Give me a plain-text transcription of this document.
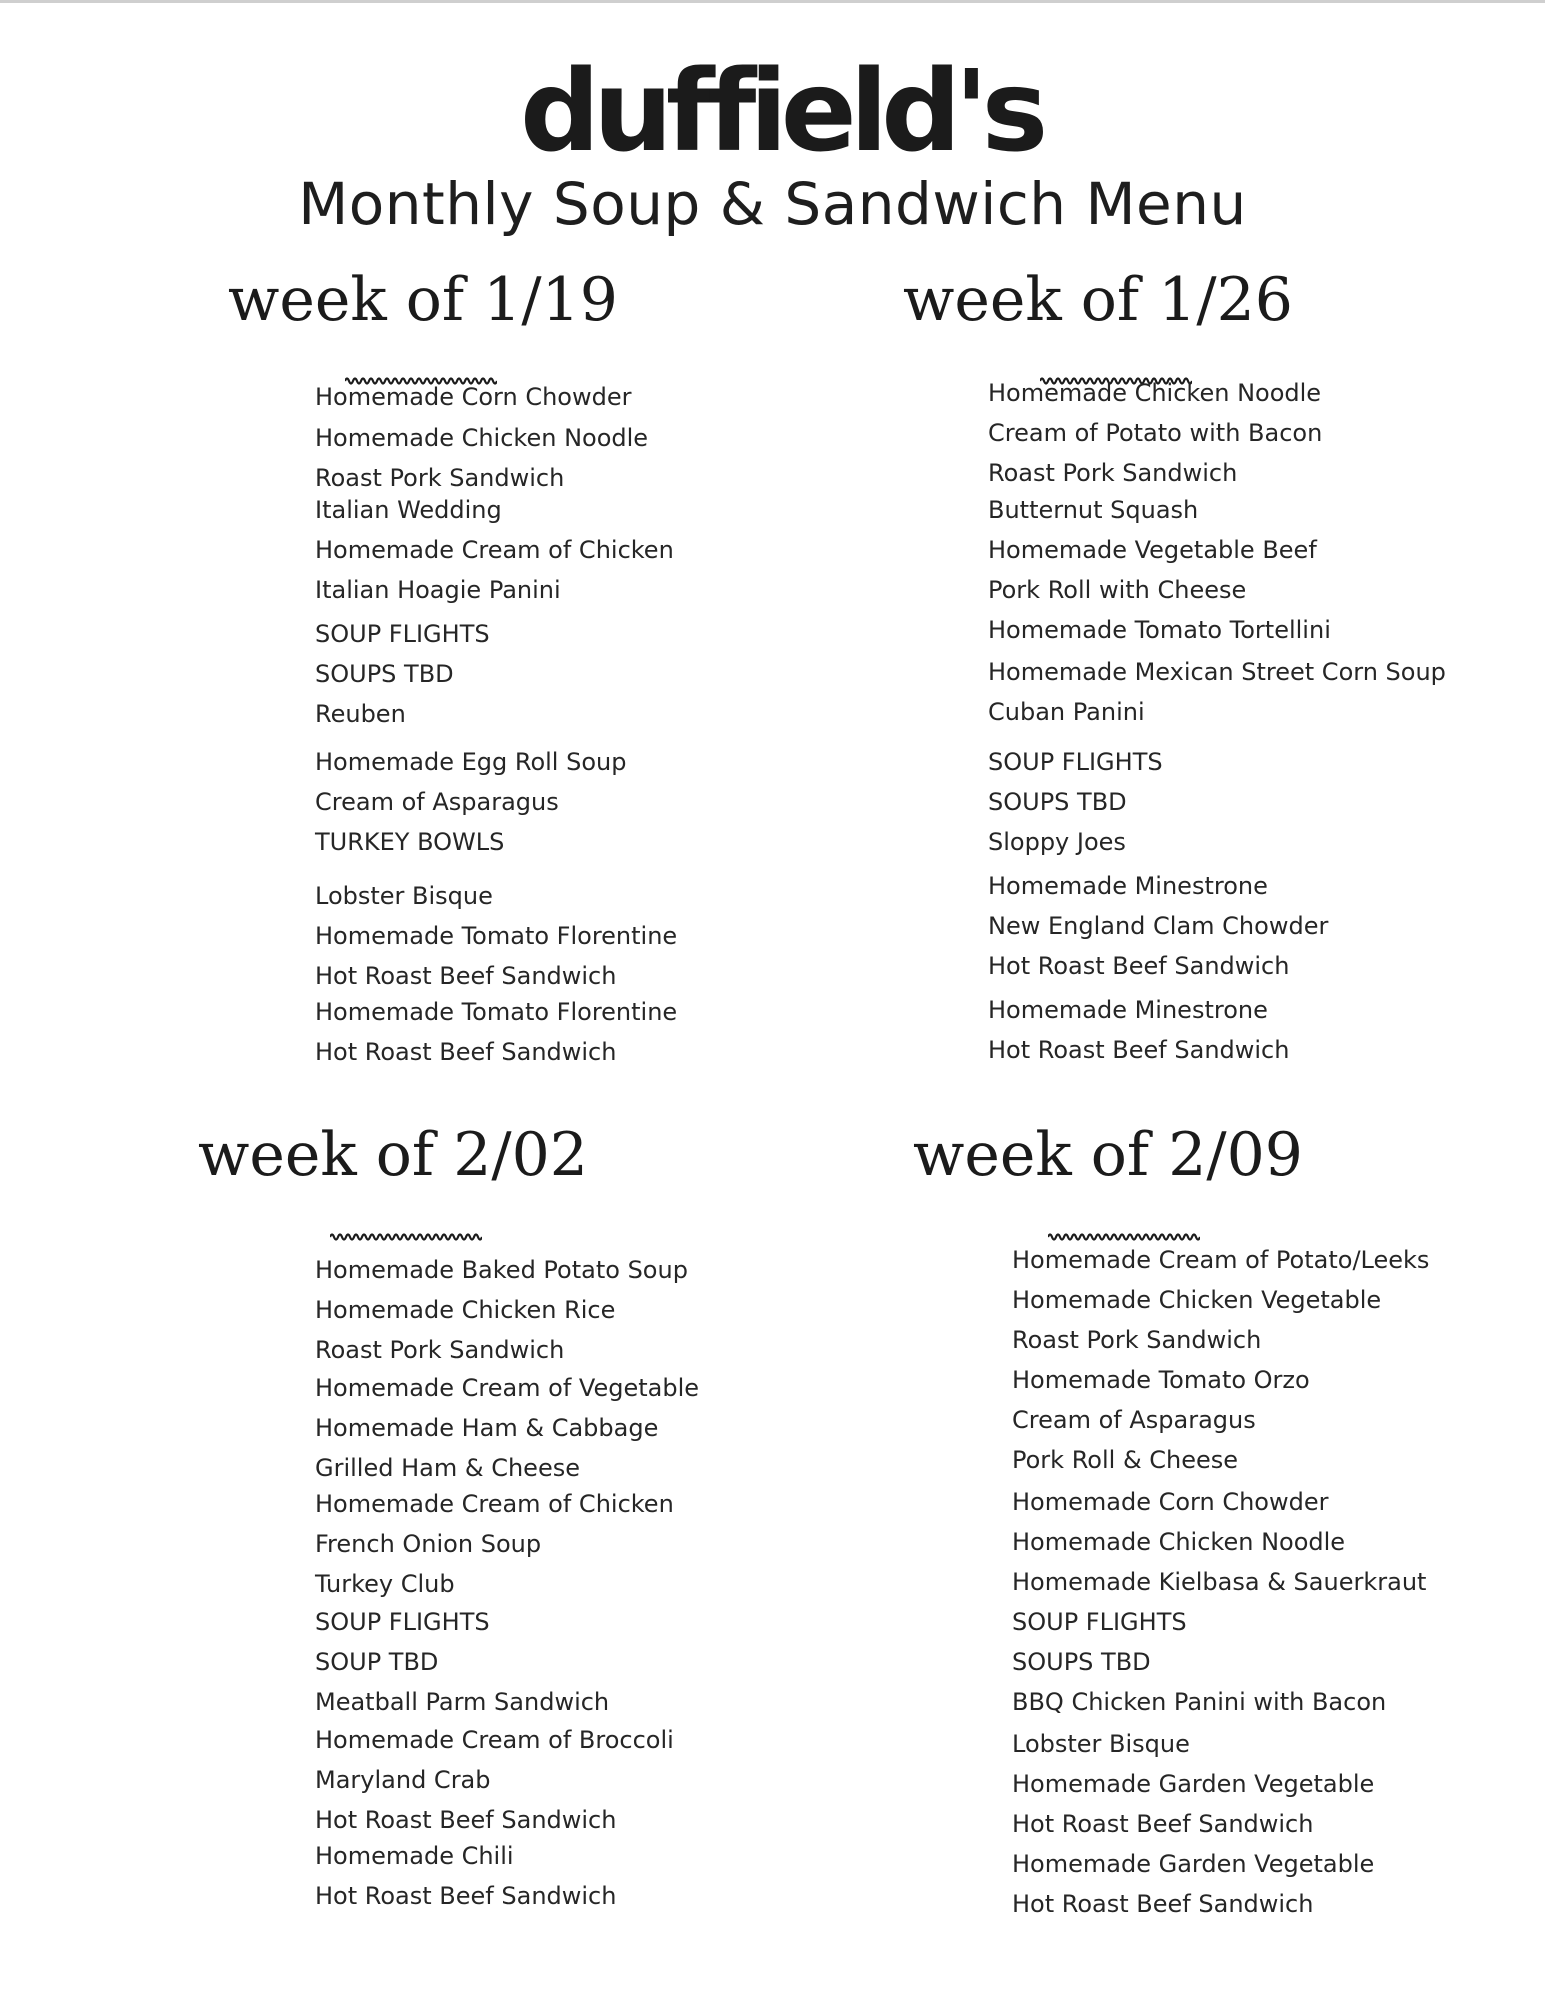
duffield's
Monthly Soup & Sandwich Menu
week of 1/19
Homemade Corn Chowder
Homemade Chicken Noodle
Roast Pork Sandwich
Italian Wedding
Homemade Cream of Chicken
Italian Hoagie Panini
SOUP FLIGHTS
SOUPS TBD
Reuben
Homemade Egg Roll Soup
Cream of Asparagus
TURKEY BOWLS
Lobster Bisque
Homemade Tomato Florentine
Hot Roast Beef Sandwich
Homemade Tomato Florentine
Hot Roast Beef Sandwich
week of 1/26
Homemade Chicken Noodle
Cream of Potato with Bacon
Roast Pork Sandwich
Butternut Squash
Homemade Vegetable Beef
Pork Roll with Cheese
Homemade Tomato Tortellini
Homemade Mexican Street Corn Soup
Cuban Panini
SOUP FLIGHTS
SOUPS TBD
Sloppy Joes
Homemade Minestrone
New England Clam Chowder
Hot Roast Beef Sandwich
Homemade Minestrone
Hot Roast Beef Sandwich
week of 2/02
Homemade Baked Potato Soup
Homemade Chicken Rice
Roast Pork Sandwich
Homemade Cream of Vegetable
Homemade Ham & Cabbage
Grilled Ham & Cheese
Homemade Cream of Chicken
French Onion Soup
Turkey Club
SOUP FLIGHTS
SOUP TBD
Meatball Parm Sandwich
Homemade Cream of Broccoli
Maryland Crab
Hot Roast Beef Sandwich
Homemade Chili
Hot Roast Beef Sandwich
week of 2/09
Homemade Cream of Potato/Leeks
Homemade Chicken Vegetable
Roast Pork Sandwich
Homemade Tomato Orzo
Cream of Asparagus
Pork Roll & Cheese
Homemade Corn Chowder
Homemade Chicken Noodle
Homemade Kielbasa & Sauerkraut
SOUP FLIGHTS
SOUPS TBD
BBQ Chicken Panini with Bacon
Lobster Bisque
Homemade Garden Vegetable
Hot Roast Beef Sandwich
Homemade Garden Vegetable
Hot Roast Beef Sandwich
